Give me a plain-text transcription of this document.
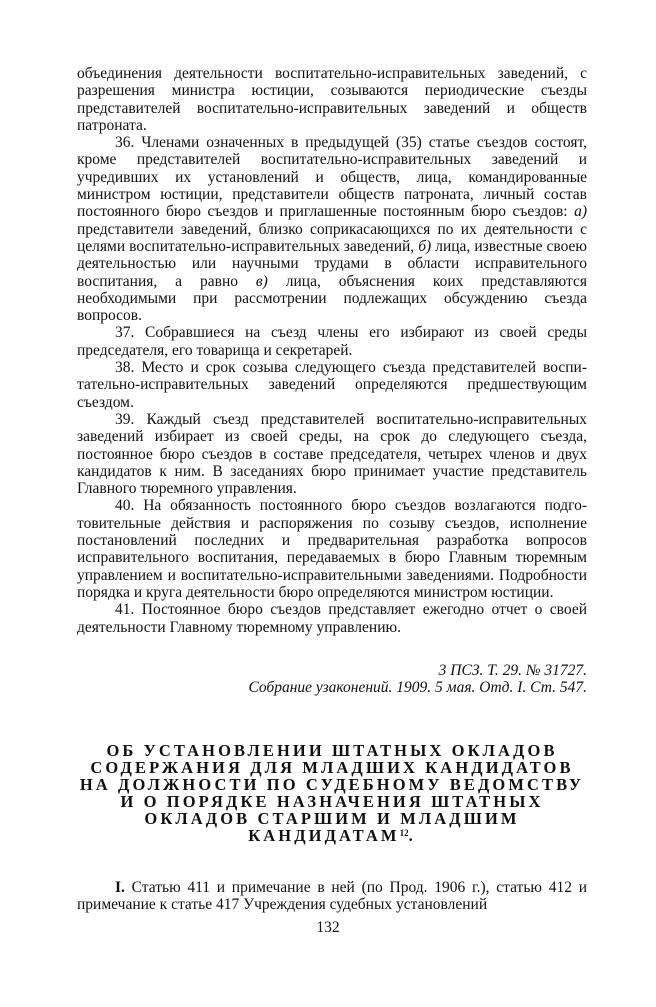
объединения деятельности воспитательно-исправительных заведений, с разрешения министра юстиции, созываются периодические съезды представителей воспитательно-исправительных заведений и обществ патроната.

36. Членами означенных в предыдущей (35) статье съездов состоят, кроме представителей воспитательно-исправительных заведений и учредивших их установлений и обществ, лица, командированные министром юстиции, представители обществ патроната, личный состав постоянного бюро съездов и приглашенные постоянным бюро съездов: а) представители заведений, близко соприкасающихся по их деятельности с целями воспитательно-исправительных заведений, б) лица, известные своею деятельностью или научными трудами в области исправительного воспитания, а равно в) лица, объяснения коих представляются необходимыми при рассмотрении подлежащих обсуждению съезда вопросов.

37. Собравшиеся на съезд члены его избирают из своей среды председателя, его товарища и секретарей.

38. Место и срок созыва следующего съезда представителей воспитательно-исправительных заведений определяются предшествующим съездом.

39. Каждый съезд представителей воспитательно-исправительных заведений избирает из своей среды, на срок до следующего съезда, постоянное бюро съездов в составе председателя, четырех членов и двух кандидатов к ним. В заседаниях бюро принимает участие представитель Главного тюремного управления.

40. На обязанность постоянного бюро съездов возлагаются подготовительные действия и распоряжения по созыву съездов, исполнение постановлений последних и предварительная разработка вопросов исправительного воспитания, передаваемых в бюро Главным тюремным управлением и воспитательно-исправительными заведениями. Подробности порядка и круга деятельности бюро определяются министром юстиции.

41. Постоянное бюро съездов представляет ежегодно отчет о своей деятельности Главному тюремному управлению.

3 ПСЗ. Т. 29. № 31727.
Собрание узаконений. 1909. 5 мая. Отд. I. Ст. 547.
ОБ УСТАНОВЛЕНИИ ШТАТНЫХ ОКЛАДОВ
СОДЕРЖАНИЯ ДЛЯ МЛАДШИХ КАНДИДАТОВ
НА ДОЛЖНОСТИ ПО СУДЕБНОМУ ВЕДОМСТВУ
И О ПОРЯДКЕ НАЗНАЧЕНИЯ ШТАТНЫХ
ОКЛАДОВ СТАРШИМ И МЛАДШИМ
КАНДИДАТАМ$^{12}$.

I. Статью 411 и примечание в ней (по Прод. 1906 г.), статью 412 и примечание к статье 417 Учреждения судебных установлений

132
